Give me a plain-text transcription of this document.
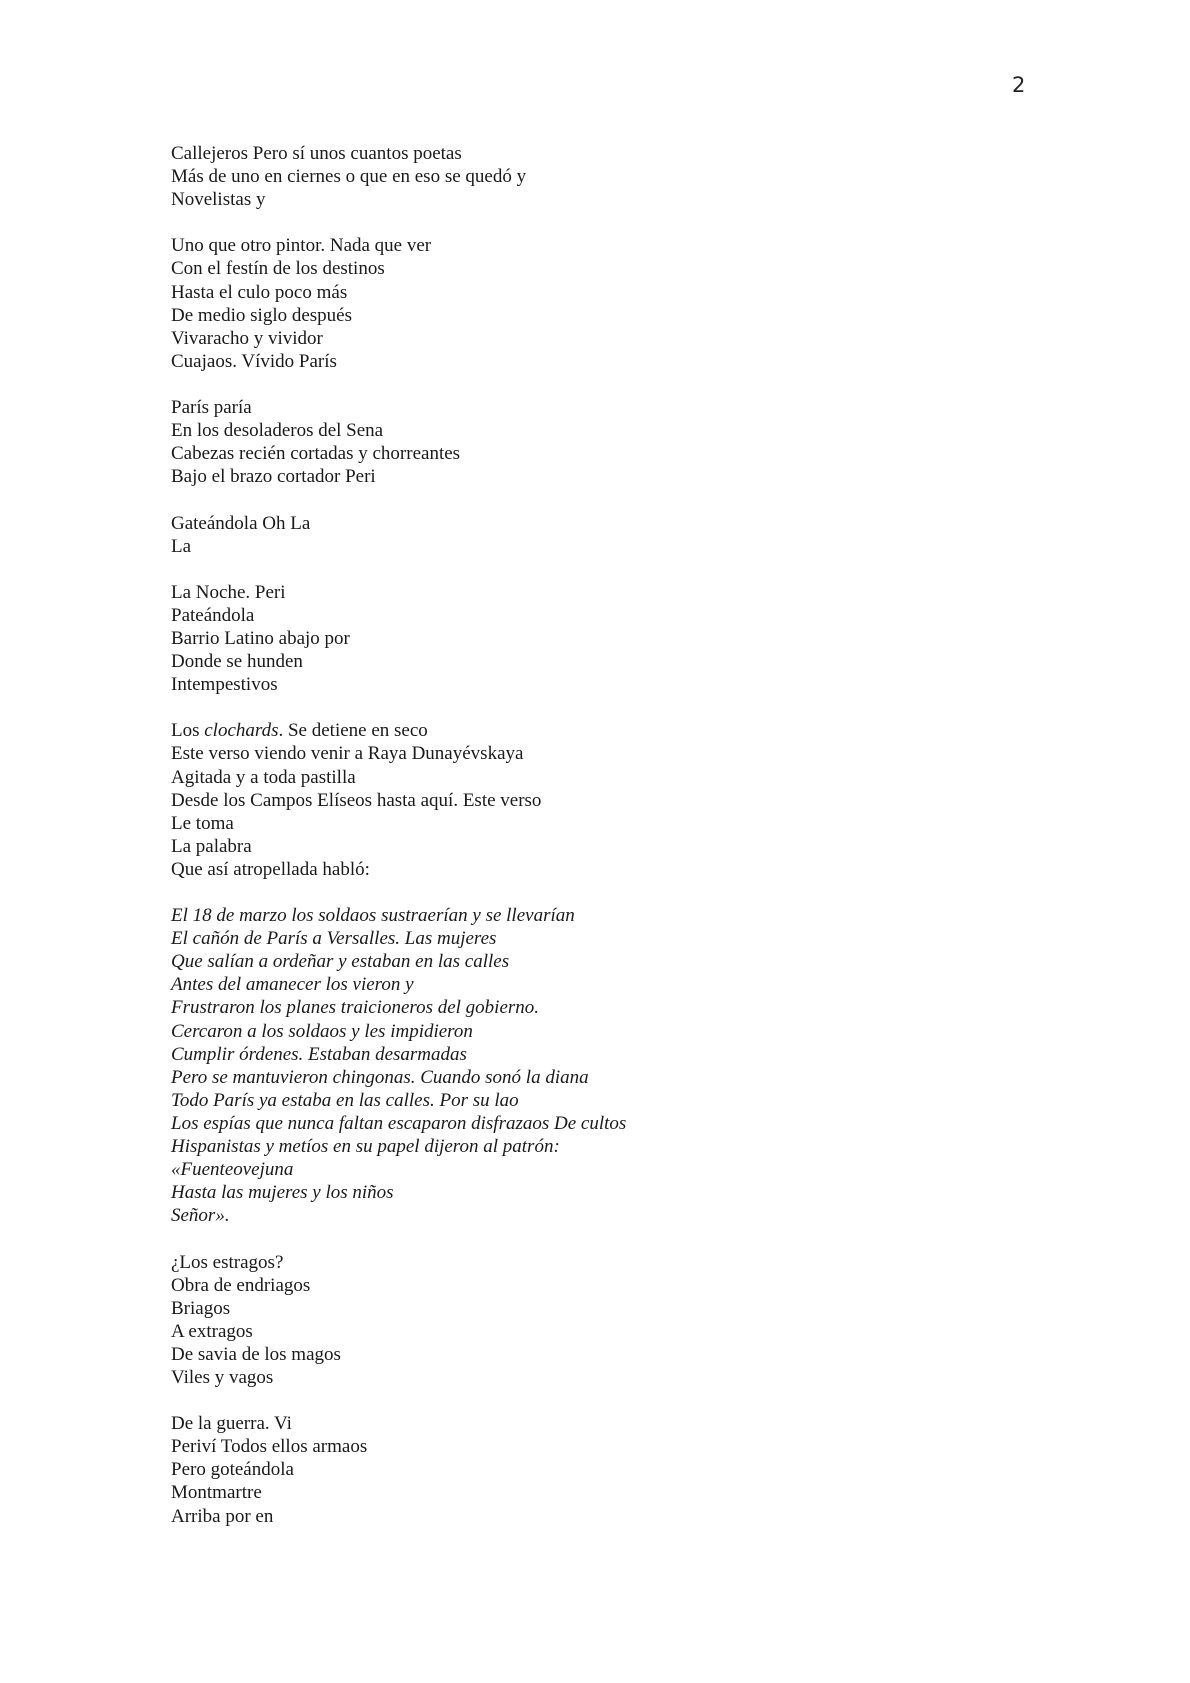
2
Callejeros Pero sí unos cuantos poetas
Más de uno en ciernes o que en eso se quedó y
Novelistas y
Uno que otro pintor. Nada que ver
Con el festín de los destinos
Hasta el culo poco más
De medio siglo después
Vivaracho y vividor
Cuajaos. Vívido París
París paría
En los desoladeros del Sena
Cabezas recién cortadas y chorreantes
Bajo el brazo cortador Peri
Gateándola Oh La
La
La Noche. Peri
Pateándola
Barrio Latino abajo por
Donde se hunden
Intempestivos
Los clochards. Se detiene en seco
Este verso viendo venir a Raya Dunayévskaya
Agitada y a toda pastilla
Desde los Campos Elíseos hasta aquí. Este verso
Le toma
La palabra
Que así atropellada habló:
El 18 de marzo los soldaos sustraerían y se llevarían
El cañón de París a Versalles. Las mujeres
Que salían a ordeñar y estaban en las calles
Antes del amanecer los vieron y
Frustraron los planes traicioneros del gobierno.
Cercaron a los soldaos y les impidieron
Cumplir órdenes. Estaban desarmadas
Pero se mantuvieron chingonas. Cuando sonó la diana
Todo París ya estaba en las calles. Por su lao
Los espías que nunca faltan escaparon disfrazaos De cultos
Hispanistas y metíos en su papel dijeron al patrón:
«Fuenteovejuna
Hasta las mujeres y los niños
Señor».
¿Los estragos?
Obra de endriagos
Briagos
A extragos
De savia de los magos
Viles y vagos
De la guerra. Vi
Periví Todos ellos armaos
Pero goteándola
Montmartre
Arriba por en
